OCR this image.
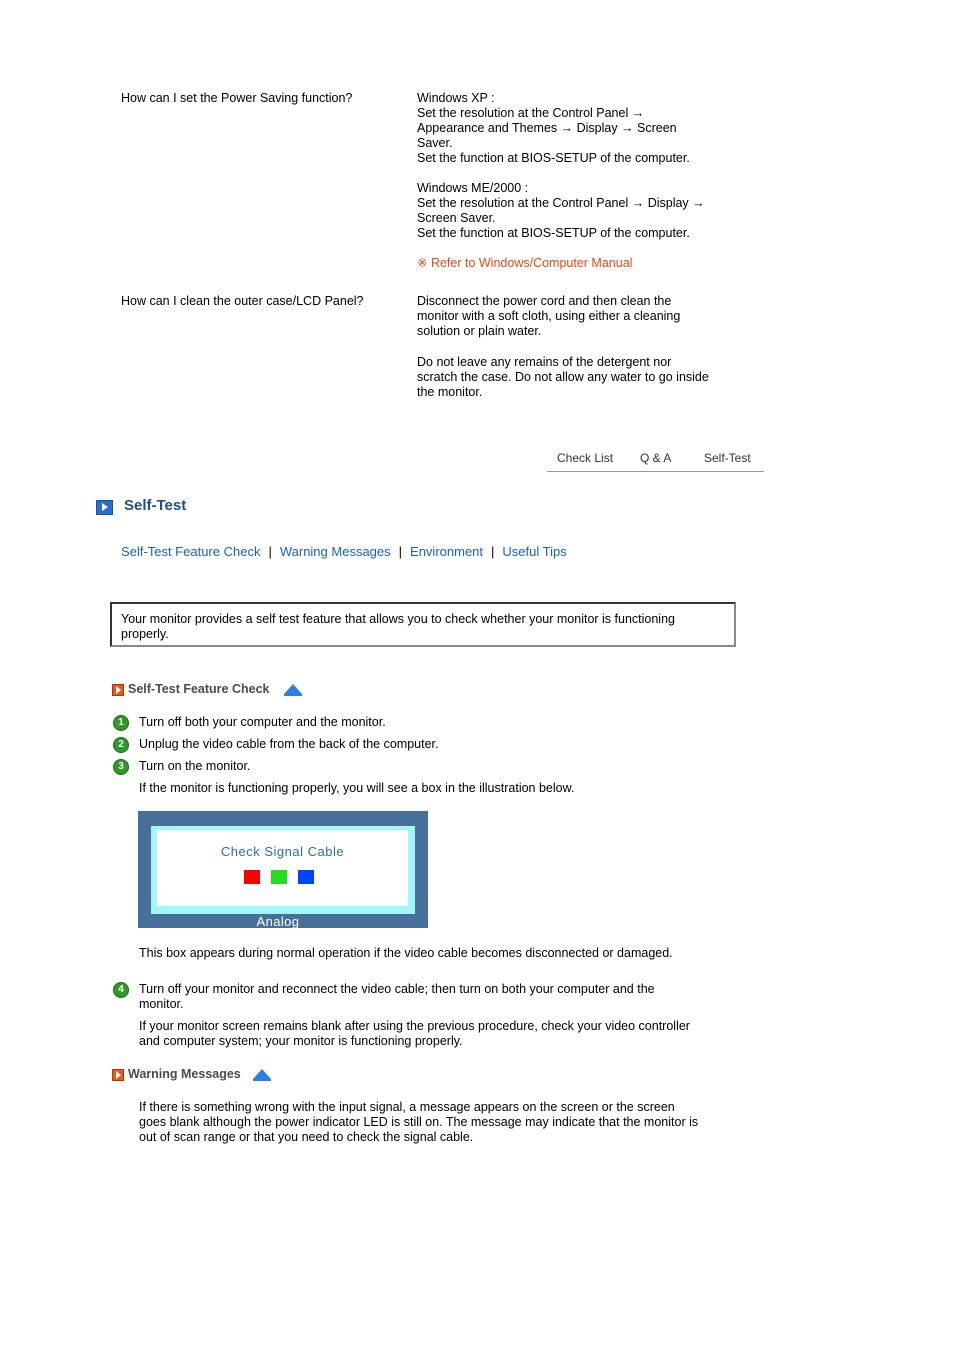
How can I set the Power Saving function?	Windows XP :
Set the resolution at the Control Panel →
Appearance and Themes → Display → Screen
Saver.
Set the function at BIOS-SETUP of the computer.
Windows ME/2000 :
Set the resolution at the Control Panel → Display →
Screen Saver.
Set the function at BIOS-SETUP of the computer.
※ Refer to Windows/Computer Manual
How can I clean the outer case/LCD Panel?	Disconnect the power cord and then clean the
monitor with a soft cloth, using either a cleaning
solution or plain water.
Do not leave any remains of the detergent nor
scratch the case. Do not allow any water to go inside
the monitor.
Check List Q & A	Self-Test
Self-Test
Self-Test Feature Check | Warning Messages | Environment | Useful Tips
Your monitor provides a self test feature that allows you to check whether your monitor is functioning
properly.
Self-Test Feature Check
1	Turn off both your computer and the monitor.
2	Unplug the video cable from the back of the computer.
3	Turn on the monitor.
If the monitor is functioning properly, you will see a box in the illustration below.
Check Signal Cable
Analog
This box appears during normal operation if the video cable becomes disconnected or damaged.
4	Turn off your monitor and reconnect the video cable; then turn on both your computer and the
monitor.
If your monitor screen remains blank after using the previous procedure, check your video controller
and computer system; your monitor is functioning properly.
Warning Messages
If there is something wrong with the input signal, a message appears on the screen or the screen
goes blank although the power indicator LED is still on. The message may indicate that the monitor is
out of scan range or that you need to check the signal cable.
